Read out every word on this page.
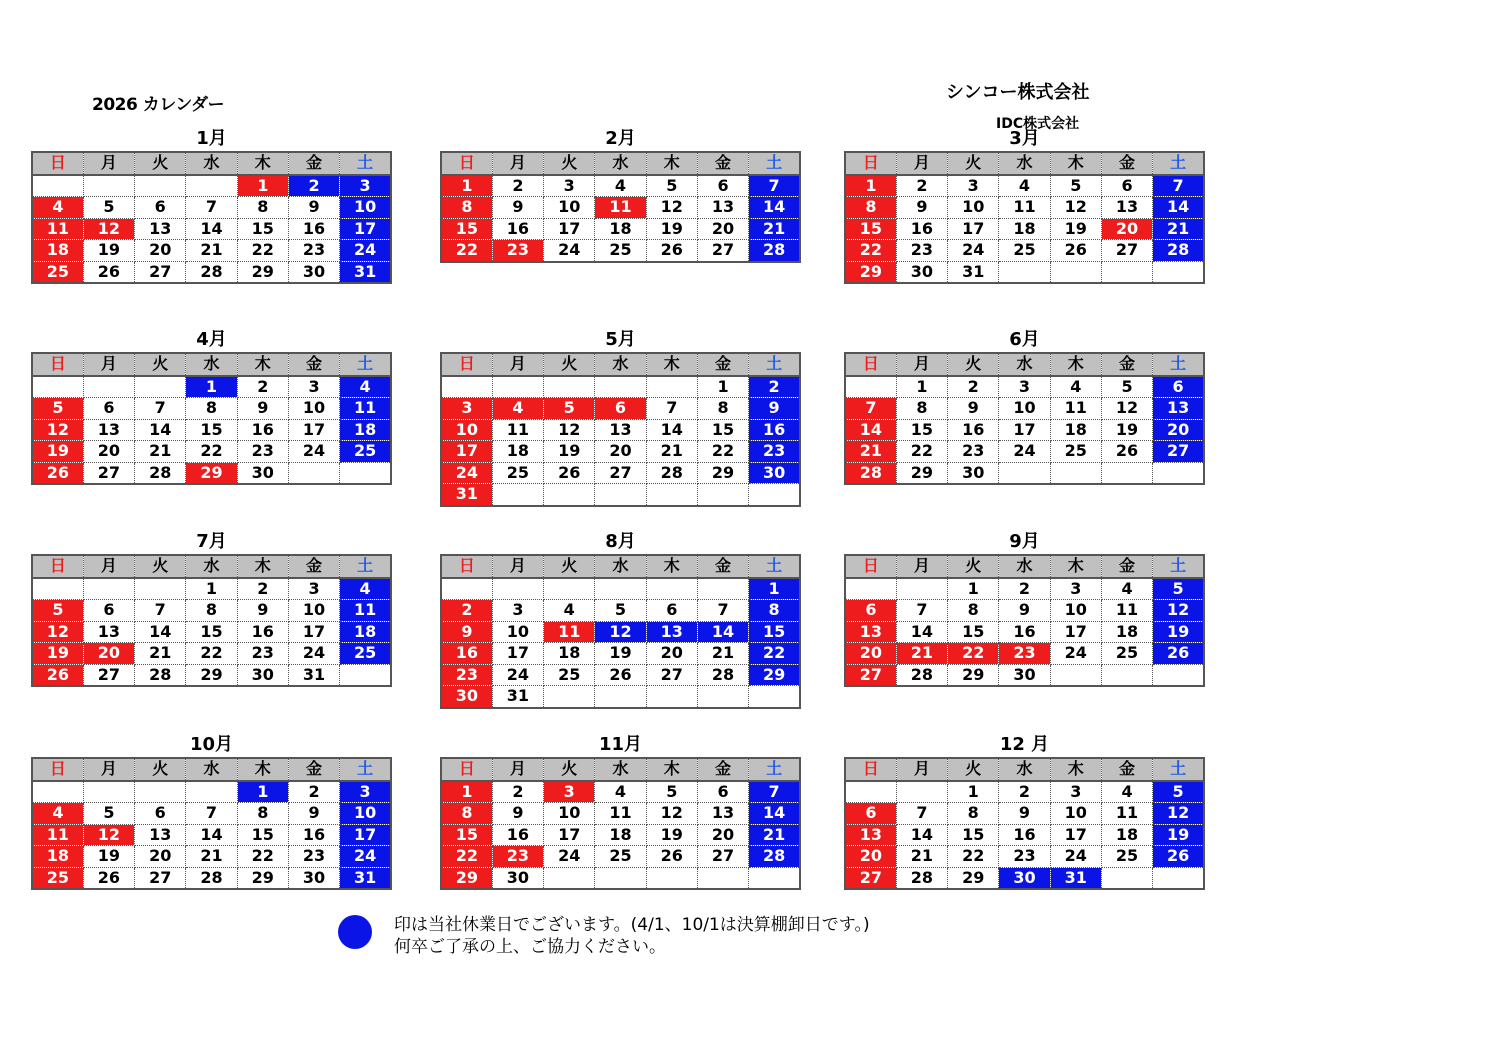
2026 カレンダー
シンコー株式会社
IDC株式会社
1月
日	月	火	水	木	金	土
				1	2	3
4	5	6	7	8	9	10
11	12	13	14	15	16	17
18	19	20	21	22	23	24
25	26	27	28	29	30	31
2月
日	月	火	水	木	金	土
1	2	3	4	5	6	7
8	9	10	11	12	13	14
15	16	17	18	19	20	21
22	23	24	25	26	27	28
3月
日	月	火	水	木	金	土
1	2	3	4	5	6	7
8	9	10	11	12	13	14
15	16	17	18	19	20	21
22	23	24	25	26	27	28
29	30	31				
4月
日	月	火	水	木	金	土
			1	2	3	4
5	6	7	8	9	10	11
12	13	14	15	16	17	18
19	20	21	22	23	24	25
26	27	28	29	30		
5月
日	月	火	水	木	金	土
					1	2
3	4	5	6	7	8	9
10	11	12	13	14	15	16
17	18	19	20	21	22	23
24	25	26	27	28	29	30
31						
6月
日	月	火	水	木	金	土
	1	2	3	4	5	6
7	8	9	10	11	12	13
14	15	16	17	18	19	20
21	22	23	24	25	26	27
28	29	30				
7月
日	月	火	水	木	金	土
			1	2	3	4
5	6	7	8	9	10	11
12	13	14	15	16	17	18
19	20	21	22	23	24	25
26	27	28	29	30	31	
8月
日	月	火	水	木	金	土
						1
2	3	4	5	6	7	8
9	10	11	12	13	14	15
16	17	18	19	20	21	22
23	24	25	26	27	28	29
30	31					
9月
日	月	火	水	木	金	土
		1	2	3	4	5
6	7	8	9	10	11	12
13	14	15	16	17	18	19
20	21	22	23	24	25	26
27	28	29	30			
10月
日	月	火	水	木	金	土
				1	2	3
4	5	6	7	8	9	10
11	12	13	14	15	16	17
18	19	20	21	22	23	24
25	26	27	28	29	30	31
11月
日	月	火	水	木	金	土
1	2	3	4	5	6	7
8	9	10	11	12	13	14
15	16	17	18	19	20	21
22	23	24	25	26	27	28
29	30					
12 月
日	月	火	水	木	金	土
		1	2	3	4	5
6	7	8	9	10	11	12
13	14	15	16	17	18	19
20	21	22	23	24	25	26
27	28	29	30	31		
印は当社休業日でございます。(4/1、10/1は決算棚卸日です。)
何卒ご了承の上、ご協力ください。
